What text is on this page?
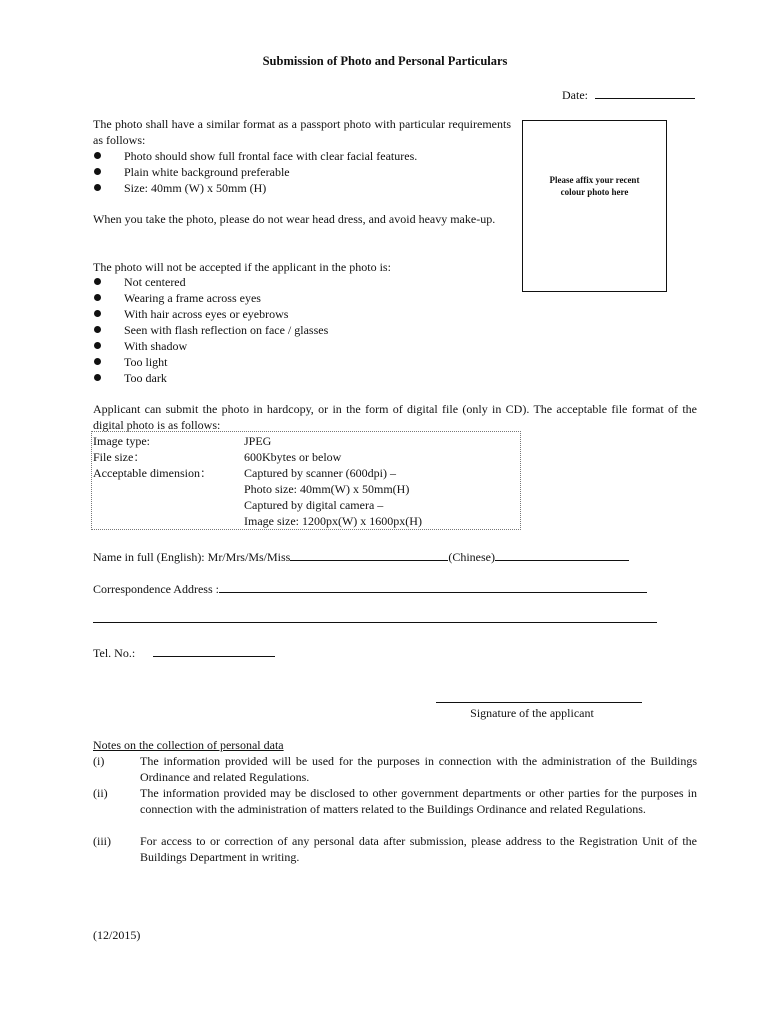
Submission of Photo and Personal Particulars
Date:
The photo shall have a similar format as a passport photo with particular requirements as follows:
Photo should show full frontal face with clear facial features.
Plain white background preferable
Size: 40mm (W) x 50mm (H)
When you take the photo, please do not wear head dress, and avoid heavy make-up.
The photo will not be accepted if the applicant in the photo is:
Not centered
Wearing a frame across eyes
With hair across eyes or eyebrows
Seen with flash reflection on face / glasses
With shadow
Too light
Too dark
Please affix your recent colour photo here
Applicant can submit the photo in hardcopy, or in the form of digital file (only in CD). The acceptable file format of the digital photo is as follows:
Image type:	JPEG
File size：	600Kbytes or below
Acceptable dimension：	Captured by scanner (600dpi) –
Photo size: 40mm(W) x 50mm(H)
Captured by digital camera –
Image size: 1200px(W) x 1600px(H)
Name in full (English): Mr/Mrs/Ms/Miss	(Chinese)
Correspondence Address :
Tel. No.:
Signature of the applicant
Notes on the collection of personal data
(i)	The information provided will be used for the purposes in connection with the administration of the Buildings Ordinance and related Regulations.
(ii)	The information provided may be disclosed to other government departments or other parties for the purposes in connection with the administration of matters related to the Buildings Ordinance and related Regulations.
(iii) For access to or correction of any personal data after submission, please address to the Registration Unit of the Buildings Department in writing.
(12/2015)
